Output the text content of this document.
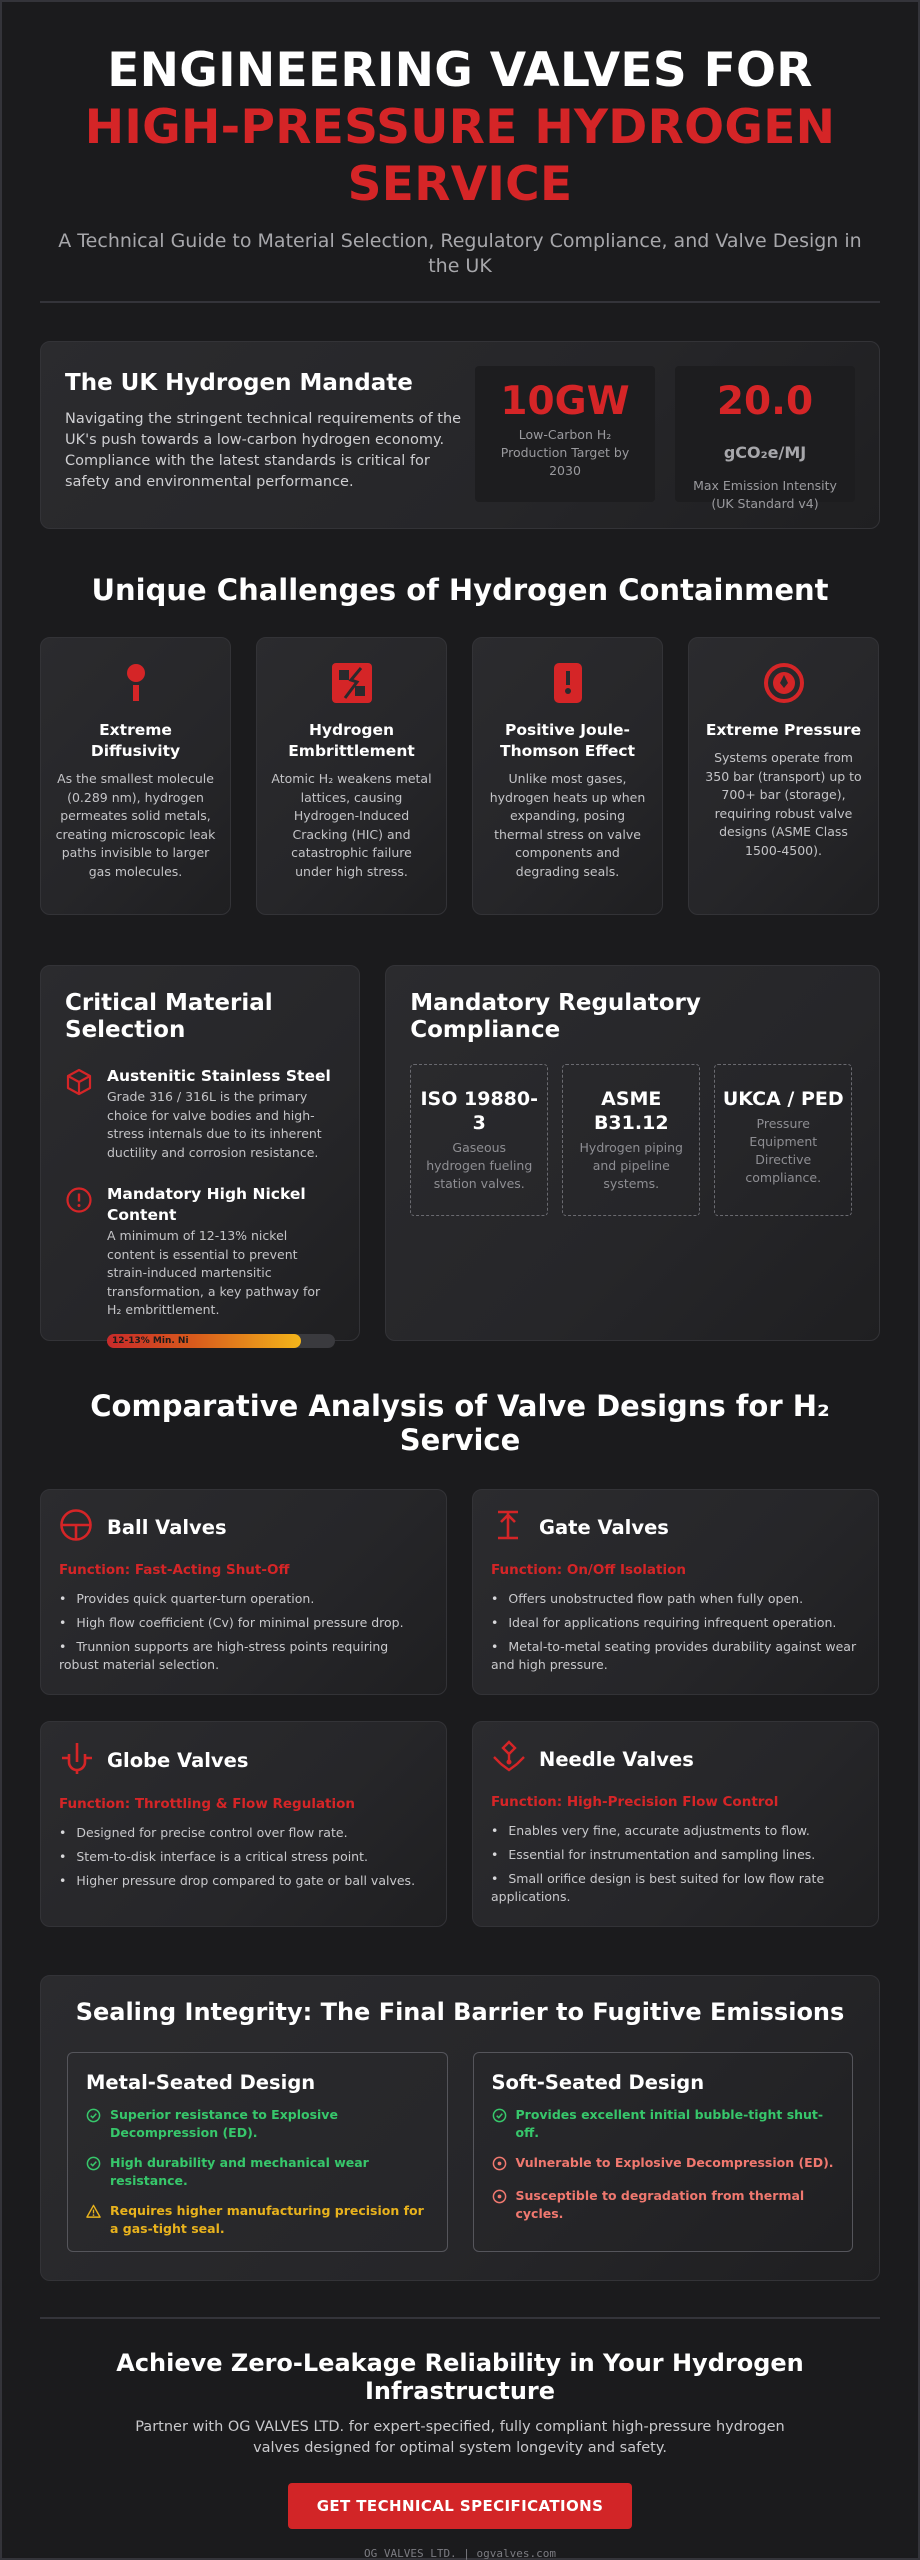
ENGINEERING VALVES FOR
HIGH-PRESSURE HYDROGEN
SERVICE

A Technical Guide to Material Selection, Regulatory Compliance, and Valve Design in the UK

The UK Hydrogen Mandate

Navigating the stringent technical requirements of the UK's push towards a low-carbon hydrogen economy. Compliance with the latest standards is critical for safety and environmental performance.

10GW
Low-Carbon H₂ Production Target by 2030
20.0 gCO₂e/MJ
Max Emission Intensity (UK Standard v4)
Unique Challenges of Hydrogen Containment
Extreme Diffusivity

As the smallest molecule (0.289 nm), hydrogen permeates solid metals, creating microscopic leak paths invisible to larger gas molecules.

Hydrogen Embrittlement

Atomic H₂ weakens metal lattices, causing Hydrogen-Induced Cracking (HIC) and catastrophic failure under high stress.

Positive Joule-Thomson Effect

Unlike most gases, hydrogen heats up when expanding, posing thermal stress on valve components and degrading seals.

Extreme Pressure

Systems operate from 350 bar (transport) up to 700+ bar (storage), requiring robust valve designs (ASME Class 1500-4500).

Critical Material Selection
Austenitic Stainless Steel

Grade 316 / 316L is the primary choice for valve bodies and high-stress internals due to its inherent ductility and corrosion resistance.

Mandatory High Nickel Content

A minimum of 12-13% nickel content is essential to prevent strain-induced martensitic transformation, a key pathway for H₂ embrittlement.

12-13% Min. Ni
Mandatory Regulatory Compliance
ISO 19880-3

Gaseous hydrogen fueling station valves.

ASME B31.12

Hydrogen piping and pipeline systems.

UKCA / PED

Pressure Equipment Directive compliance.

Comparative Analysis of Valve Designs for H₂ Service
Ball Valves
Function: Fast-Acting Shut-Off
• Provides quick quarter-turn operation.
• High flow coefficient (Cv) for minimal pressure drop.
• Trunnion supports are high-stress points requiring robust material selection.
Gate Valves
Function: On/Off Isolation
• Offers unobstructed flow path when fully open.
• Ideal for applications requiring infrequent operation.
• Metal-to-metal seating provides durability against wear and high pressure.
Globe Valves
Function: Throttling & Flow Regulation
• Designed for precise control over flow rate.
• Stem-to-disk interface is a critical stress point.
• Higher pressure drop compared to gate or ball valves.
Needle Valves
Function: High-Precision Flow Control
• Enables very fine, accurate adjustments to flow.
• Essential for instrumentation and sampling lines.
• Small orifice design is best suited for low flow rate applications.
Sealing Integrity: The Final Barrier to Fugitive Emissions
Metal-Seated Design
Superior resistance to Explosive Decompression (ED).
High durability and mechanical wear resistance.
Requires higher manufacturing precision for a gas-tight seal.
Soft-Seated Design
Provides excellent initial bubble-tight shut-off.
Vulnerable to Explosive Decompression (ED).
Susceptible to degradation from thermal cycles.
Achieve Zero-Leakage Reliability in Your Hydrogen Infrastructure

Partner with OG VALVES LTD. for expert-specified, fully compliant high-pressure hydrogen valves designed for optimal system longevity and safety.

GET TECHNICAL SPECIFICATIONS
OG VALVES LTD. | ogvalves.com
